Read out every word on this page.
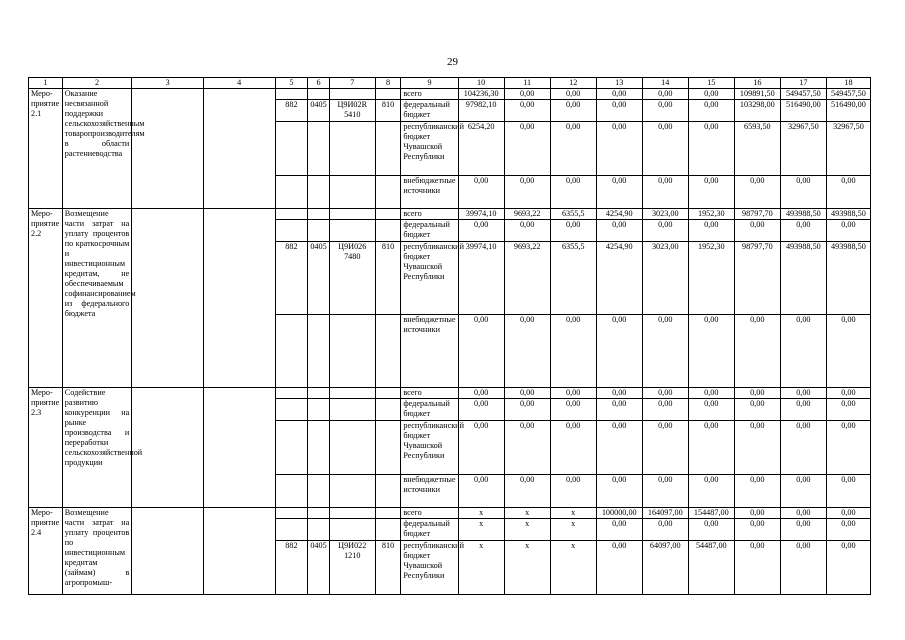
29
1	2	3	4	5	6	7	8	9	10	11	12	13	14	15	16	17	18
Меро-приятие 2.1	Оказание несвязанной поддержки сельскохозяйственным товаропроизводителям в области растениеводства							всего	104236,30	0,00	0,00	0,00	0,00	0,00	109891,50	549457,50	549457,50
				882	0405	Ц9И02R 5410	810	федеральный бюджет	97982,10	0,00	0,00	0,00	0,00	0,00	103298,00	516490,00	516490,00
								республиканский бюджет Чувашской Республики	6254,20	0,00	0,00	0,00	0,00	0,00	6593,50	32967,50	32967,50
								внебюджетные источники	0,00	0,00	0,00	0,00	0,00	0,00	0,00	0,00	0,00
Меро-приятие 2.2	Возмещение части затрат на уплату процентов по краткосрочным и инвестиционным кредитам, не обеспечиваемым софинансированием из федерального бюджета							всего	39974,10	9693,22	6355,5	4254,90	3023,00	1952,30	98797,70	493988,50	493988,50
								федеральный бюджет	0,00	0,00	0,00	0,00	0,00	0,00	0,00	0,00	0,00
				882	0405	Ц9И026 7480	810	республиканский бюджет Чувашской Республики	39974,10	9693,22	6355,5	4254,90	3023,00	1952,30	98797,70	493988,50	493988,50
								внебюджетные источники	0,00	0,00	0,00	0,00	0,00	0,00	0,00	0,00	0,00
Меро-приятие 2.3	Содействие развитию конкуренции на рынке производства и переработки сельскохозяйственной продукции							всего	0,00	0,00	0,00	0,00	0,00	0,00	0,00	0,00	0,00
								федеральный бюджет	0,00	0,00	0,00	0,00	0,00	0,00	0,00	0,00	0,00
								республиканский бюджет Чувашской Республики	0,00	0,00	0,00	0,00	0,00	0,00	0,00	0,00	0,00
								внебюджетные источники	0,00	0,00	0,00	0,00	0,00	0,00	0,00	0,00	0,00
Меро-приятие 2.4	Возмещение части затрат на уплату процентов по инвестиционным кредитам (займам) в агропромыш-							всего	x	x	x	100000,00	164097,00	154487,00	0,00	0,00	0,00
								федеральный бюджет	x	x	x	0,00	0,00	0,00	0,00	0,00	0,00
				882	0405	Ц9И022 1210	810	республиканский бюджет Чувашской Республики	x	x	x	0,00	64097,00	54487,00	0,00	0,00	0,00
